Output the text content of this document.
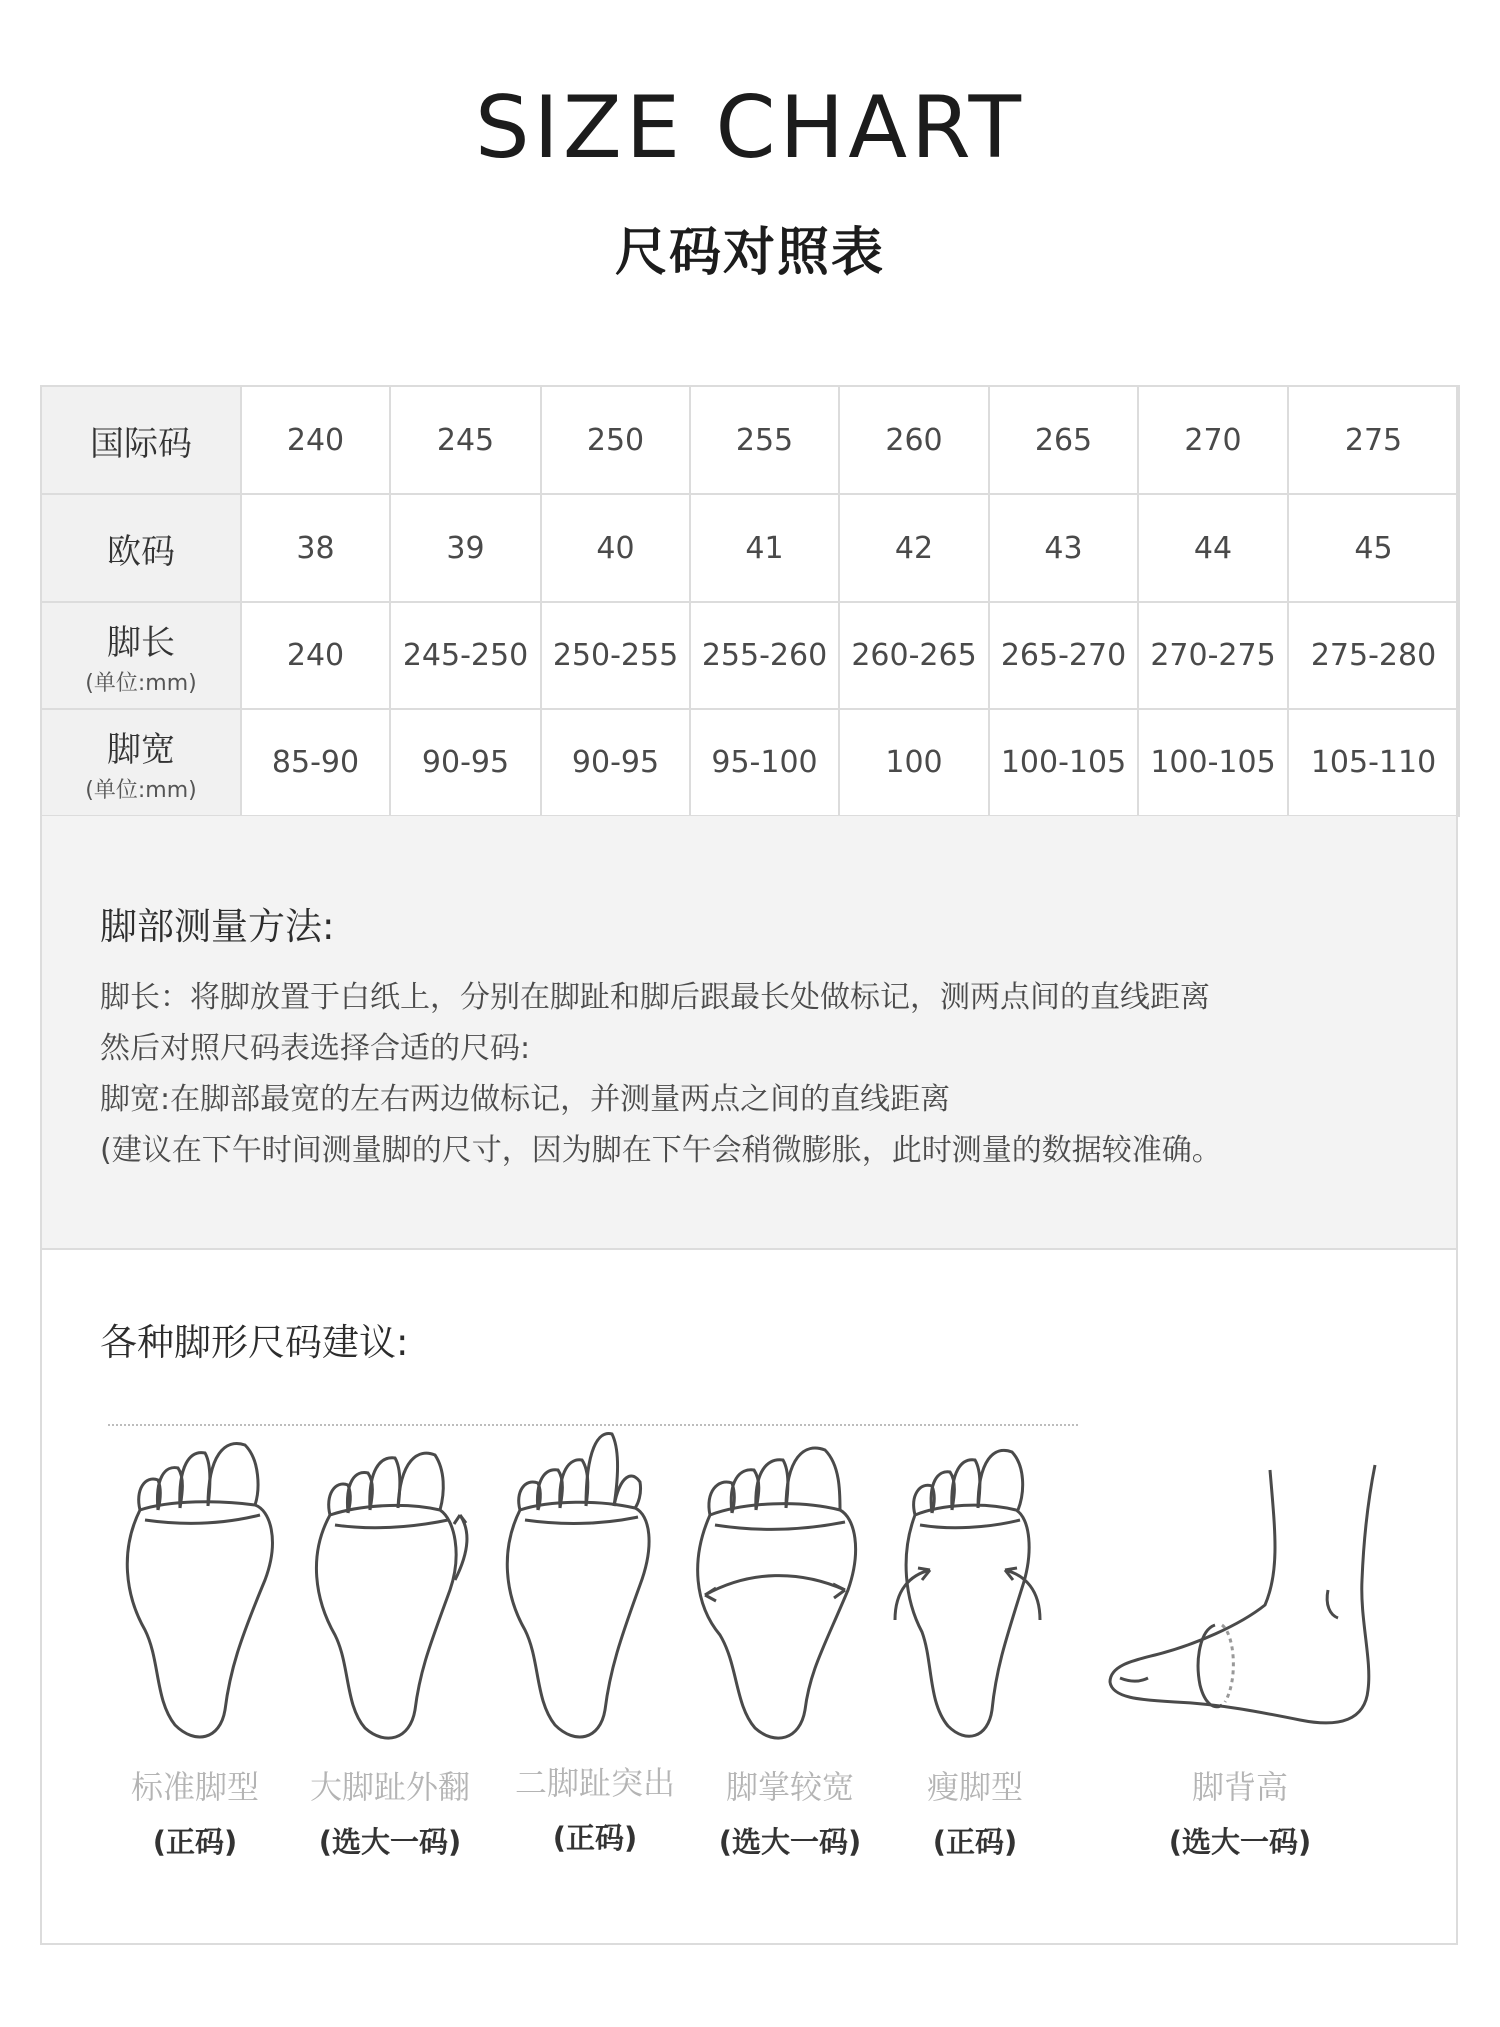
SIZE CHART
尺码对照表
国际码	240	245	250	255	260	265	270	275
欧码	38	39	40	41	42	43	44	45
脚长
(单位:mm)	240	245-250	250-255	255-260	260-265	265-270	270-275	275-280
脚宽
(单位:mm)	85-90	90-95	90-95	95-100	100	100-105	100-105	105-110
脚部测量方法:
脚长：将脚放置于白纸上，分别在脚趾和脚后跟最长处做标记，测两点间的直线距离
然后对照尺码表选择合适的尺码:
脚宽:在脚部最宽的左右两边做标记，并测量两点之间的直线距离
(建议在下午时间测量脚的尺寸，因为脚在下午会稍微膨胀，此时测量的数据较准确。
各种脚形尺码建议:
标准脚型
(正码)
大脚趾外翻
(选大一码)
二脚趾突出
(正码)
脚掌较宽
(选大一码)
瘦脚型
(正码)
脚背高
(选大一码)
